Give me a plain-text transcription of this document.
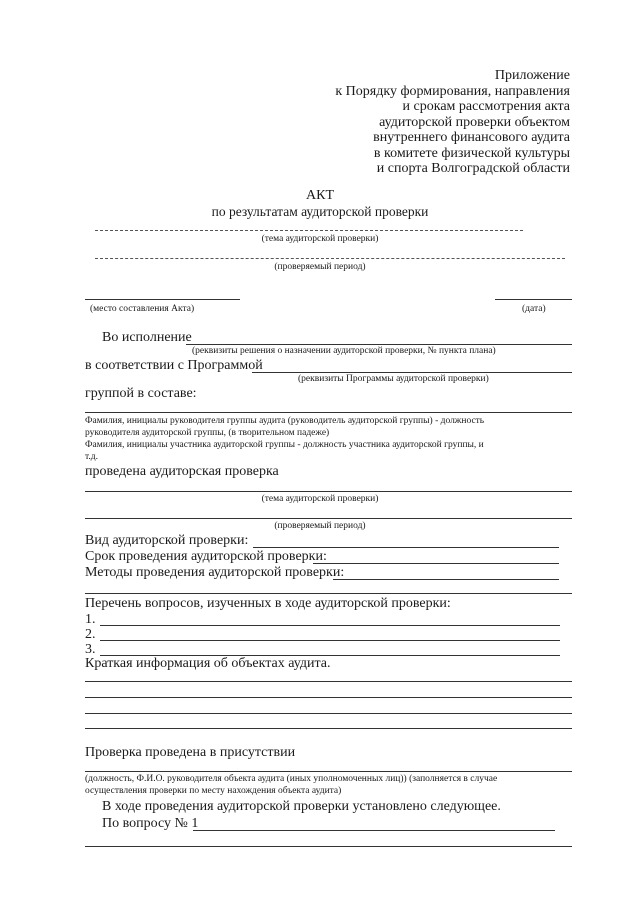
Приложение
к Порядку формирования, направления
и срокам рассмотрения акта
аудиторской проверки объектом
внутреннего финансового аудита
в комитете физической культуры
и спорта Волгоградской области
АКТ
по результатам аудиторской проверки
(тема аудиторской проверки)
(проверяемый период)
(место составления Акта)	(дата)
Во исполнение
(реквизиты решения о назначении аудиторской проверки, № пункта плана)
в соответствии с Программой
(реквизиты Программы аудиторской проверки)
группой в составе:
Фамилия, инициалы руководителя группы аудита (руководитель аудиторской группы) - должность
руководителя аудиторской группы, (в творительном падеже)
Фамилия, инициалы участника аудиторской группы - должность участника аудиторской группы, и
т.д.
проведена аудиторская проверка
(тема аудиторской проверки)
(проверяемый период)
Вид аудиторской проверки:
Срок проведения аудиторской проверки:
Методы проведения аудиторской проверки:
Перечень вопросов, изученных в ходе аудиторской проверки:
1.
2.
3.
Краткая информация об объектах аудита.
Проверка проведена в присутствии
(должность, Ф.И.О. руководителя объекта аудита (иных уполномоченных лиц)) (заполняется в случае
осуществления проверки по месту нахождения объекта аудита)
В ходе проведения аудиторской проверки установлено следующее.
По вопросу № 1
